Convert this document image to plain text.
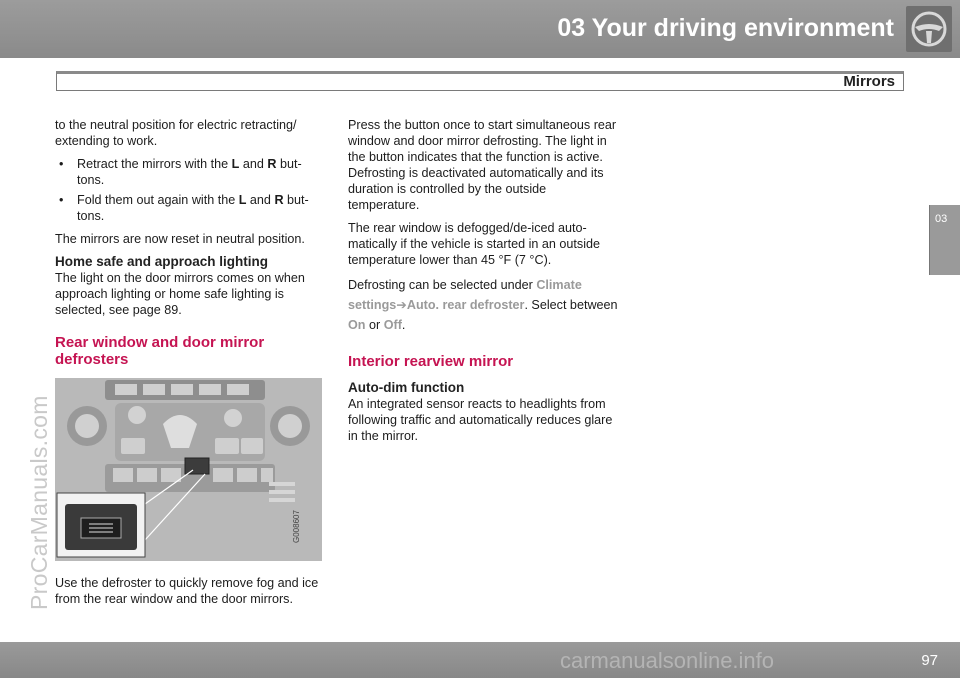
03 Your driving environment
Mirrors
03
ProCarManuals.com

to the neutral position for electric retracting/ extending to work.

• Retract the mirrors with the L and R but-tons.
• Fold them out again with the L and R but-tons.

The mirrors are now reset in neutral position.

Home safe and approach lighting

The light on the door mirrors comes on when approach lighting or home safe lighting is selected, see page 89.

Rear window and door mirror defrosters
G008607

Use the defroster to quickly remove fog and ice from the rear window and the door mirrors.

Press the button once to start simultaneous rear window and door mirror defrosting. The light in the button indicates that the function is active. Defrosting is deactivated automatically and its duration is controlled by the outside temperature.

The rear window is defogged/de-iced auto-matically if the vehicle is started in an outside temperature lower than 45 °F (7 °C).

Defrosting can be selected under Climate settings➔Auto. rear defroster. Select between On or Off.

Interior rearview mirror
Auto-dim function

An integrated sensor reacts to headlights from following traffic and automatically reduces glare in the mirror.

carmanualsonline.info	97
